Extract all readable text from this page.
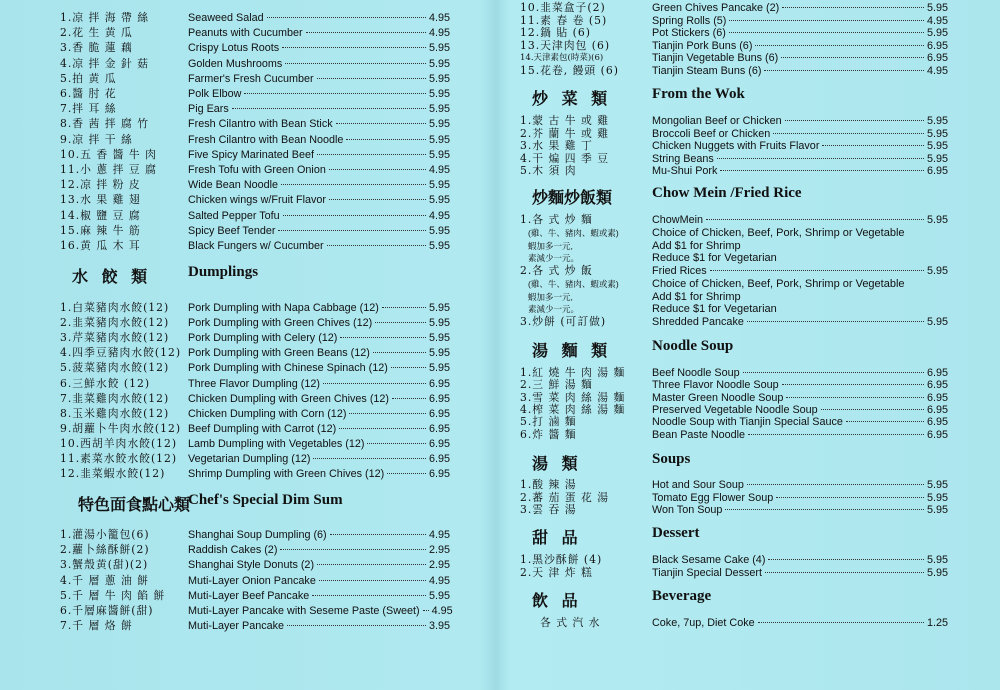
1.凉 拌 海 帶 絲	Seaweed Salad	4.95
2.花 生 黄 瓜	Peanuts with Cucumber	4.95
3.香 脆 蓮 藕	Crispy Lotus Roots	5.95
4.凉 拌 金 針 菇	Golden Mushrooms	5.95
5.拍 黄 瓜	Farmer's Fresh Cucumber	5.95
6.醬 肘 花	Polk Elbow	5.95
7.拌 耳 絲	Pig Ears	5.95
8.香 茜 拌 腐 竹	Fresh Cilantro with Bean Stick	5.95
9.凉 拌 干 絲	Fresh Cilantro with Bean Noodle	5.95
10.五 香 醬 牛 肉	Five Spicy Marinated Beef	5.95
11.小 蔥 拌 豆 腐	Fresh Tofu with Green Onion	4.95
12.凉 拌 粉 皮	Wide Bean Noodle	5.95
13.水 果 雞 翅	Chicken wings w/Fruit Flavor	5.95
14.椒 鹽 豆 腐	Salted Pepper Tofu	4.95
15.麻 辣 牛 筋	Spicy Beef Tender	5.95
16.黄 瓜 木 耳	Black Fungers w/ Cucumber	5.95
水 餃 類 Dumplings
1.白菜豬肉水餃(12) Pork Dumpling with Napa Cabbage (12)	5.95
2.韭菜豬肉水餃(12) Pork Dumpling with Green Chives (12)	5.95
3.芹菜豬肉水餃(12) Pork Dumpling with Celery (12)	5.95
4.四季豆豬肉水餃(12) Pork Dumpling with Green Beans (12)	5.95
5.菠菜豬肉水餃(12) Pork Dumpling with Chinese Spinach (12)	5.95
6.三鮮水餃 (12)	Three Flavor Dumpling (12)	6.95
7.韭菜雞肉水餃(12) Chicken Dumpling with Green Chives (12)	6.95
8.玉米雞肉水餃(12) Chicken Dumpling with Corn (12)	6.95
9.胡蘿卜牛肉水餃(12) Beef Dumpling with Carrot (12)	6.95
10.西胡羊肉水餃(12) Lamb Dumpling with Vegetables (12)	6.95
11.素菜水餃水餃(12) Vegetarian Dumpling (12)	6.95
12.韭菜蝦水餃(12) Shrimp Dumpling with Green Chives (12)	6.95
特色面食點心類
Chef's Special Dim Sum
1.灌湯小籠包(6)	Shanghai Soup Dumpling (6)	4.95
2.蘿卜絲酥餅(2)	Raddish Cakes (2)	2.95
3.蟹殼黄(甜)(2)	Shanghai Style Donuts (2)	2.95
4.千 層 蔥 油 餅	Muti-Layer Onion Pancake	4.95
5.千 層 牛 肉 餡 餅 Muti-Layer Beef Pancake	5.95
6.千層麻醬餅(甜)	Muti-Layer Pancake with Seseme Paste (Sweet) 4.95
7.千 層 烙 餅	Muti-Layer Pancake	3.95
10.韭菜盒子(2)	Green Chives Pancake (2)	5.95
11.素 春 卷 (5)	Spring Rolls (5)	4.95
12.鍋 貼 (6)	Pot Stickers (6)	5.95
13.天津肉包 (6)	Tianjin Pork Buns (6)	6.95
14.天津素包(時菜)(6)	Tianjin Vegetable Buns (6)	6.95
15.花卷, 饅頭 (6)	Tianjin Steam Buns (6)	4.95
炒 菜 類	From the Wok
1.蒙 古 牛 或 雞	Mongolian Beef or Chicken	5.95
2.芥 蘭 牛 或 雞	Broccoli Beef or Chicken	5.95
3.水 果 雞 丁	Chicken Nuggets with Fruits Flavor	5.95
4.干 煸 四 季 豆	String Beans	5.95
5.木 須 肉	Mu-Shui Pork	6.95
炒麵炒飯類	Chow Mein /Fried Rice
1.各 式 炒 麵	ChowMein	5.95
(雞、牛、豬肉、蝦或素)
蝦加多一元,
素減少一元。
Choice of Chicken, Beef, Pork, Shrimp or Vegetable
Add $1 for Shrimp
Reduce $1 for Vegetarian
2.各 式 炒 飯	Fried Rices	5.95
(雞、牛、豬肉、蝦或素)
蝦加多一元,
素減少一元。
Choice of Chicken, Beef, Pork, Shrimp or Vegetable
Add $1 for Shrimp
Reduce $1 for Vegetarian
3.炒餅 (可訂做)	Shredded Pancake	5.95
湯 麵 類	Noodle Soup
1.紅 燒 牛 肉 湯 麵 Beef Noodle Soup	6.95
2.三 鮮 湯 麵	Three Flavor Noodle Soup	6.95
3.雪 菜 肉 絲 湯 麵 Master Green Noodle Soup	6.95
4.榨 菜 肉 絲 湯 麵 Preserved Vegetable Noodle Soup	6.95
5.打 滷 麵	Noodle Soup with Tianjin Special Sauce	6.95
6.炸 醬 麵	Bean Paste Noodle	6.95
湯 類	Soups
1.酸 辣 湯	Hot and Sour Soup	5.95
2.蕃 茄 蛋 花 湯	Tomato Egg Flower Soup	5.95
3.雲 吞 湯	Won Ton Soup	5.95
甜 品	Dessert
1.黑沙酥餅 (4)	Black Sesame Cake (4)	5.95
2.天 津 炸 糕	Tianjin Special Dessert	5.95
飲 品	Beverage
各 式 汽 水	Coke, 7up, Diet Coke	1.25
